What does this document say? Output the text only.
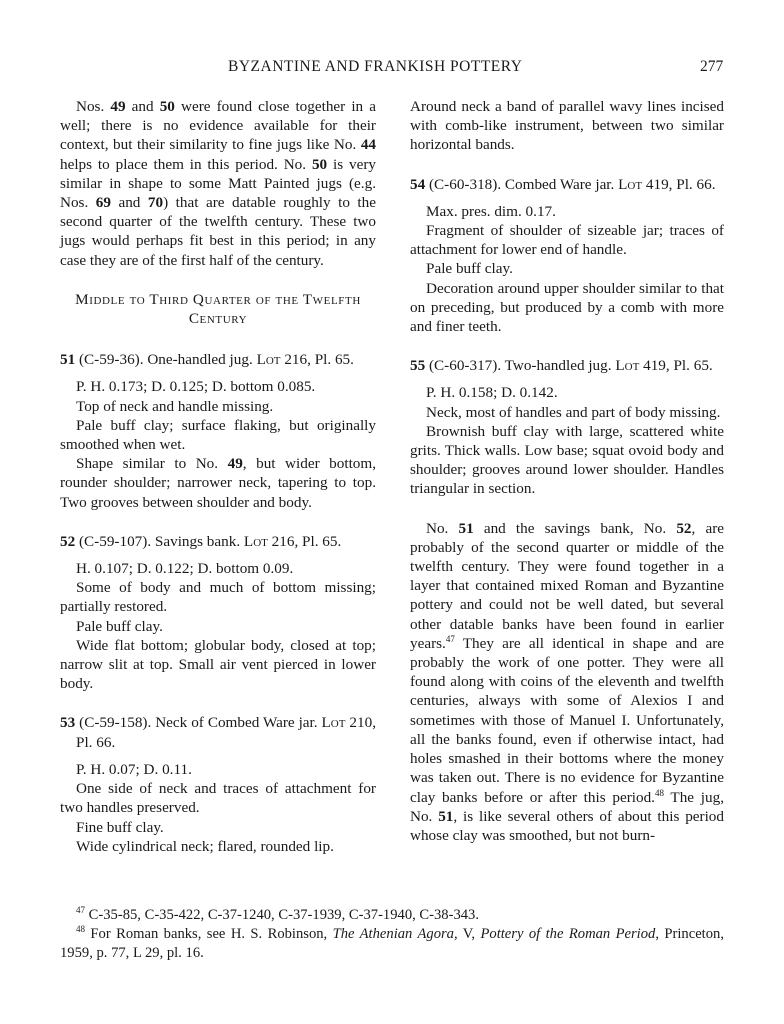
BYZANTINE AND FRANKISH POTTERY	277

Nos. 49 and 50 were found close together in a well; there is no evidence available for their context, but their similarity to fine jugs like No. 44 helps to place them in this period. No. 50 is very similar in shape to some Matt Painted jugs (e.g. Nos. 69 and 70) that are datable roughly to the second quarter of the twelfth century. These two jugs would perhaps fit best in this period; in any case they are of the first half of the century.

Middle to Third Quarter of the Twelfth Century

51 (C-59-36). One-handled jug. Lot 216, Pl. 65.

P. H. 0.173; D. 0.125; D. bottom 0.085.

Top of neck and handle missing.

Pale buff clay; surface flaking, but originally smoothed when wet.

Shape similar to No. 49, but wider bottom, rounder shoulder; narrower neck, tapering to top. Two grooves between shoulder and body.

52 (C-59-107). Savings bank. Lot 216, Pl. 65.

H. 0.107; D. 0.122; D. bottom 0.09.

Some of body and much of bottom missing; partially restored.

Pale buff clay.

Wide flat bottom; globular body, closed at top; narrow slit at top. Small air vent pierced in lower body.

53 (C-59-158). Neck of Combed Ware jar. Lot 210, Pl. 66.

P. H. 0.07; D. 0.11.

One side of neck and traces of attachment for two handles preserved.

Fine buff clay.

Wide cylindrical neck; flared, rounded lip.

Around neck a band of parallel wavy lines incised with comb-like instrument, between two similar horizontal bands.

54 (C-60-318). Combed Ware jar. Lot 419, Pl. 66.

Max. pres. dim. 0.17.

Fragment of shoulder of sizeable jar; traces of attachment for lower end of handle.

Pale buff clay.

Decoration around upper shoulder similar to that on preceding, but produced by a comb with more and finer teeth.

55 (C-60-317). Two-handled jug. Lot 419, Pl. 65.

P. H. 0.158; D. 0.142.

Neck, most of handles and part of body missing.

Brownish buff clay with large, scattered white grits. Thick walls. Low base; squat ovoid body and shoulder; grooves around lower shoulder. Handles triangular in section.

No. 51 and the savings bank, No. 52, are probably of the second quarter or middle of the twelfth century. They were found together in a layer that contained mixed Roman and Byzantine pottery and could not be well dated, but several other datable banks have been found in earlier years.$^{47}$ They are all identical in shape and are probably the work of one potter. They were all found along with coins of the eleventh and twelfth centuries, always with some of Alexios I and sometimes with those of Manuel I. Unfortunately, all the banks found, even if otherwise intact, had holes smashed in their bottoms where the money was taken out. There is no evidence for Byzantine clay banks before or after this period.$^{48}$ The jug, No. 51, is like several others of about this period whose clay was smoothed, but not burn-

$^{47}$ C-35-85, C-35-422, C-37-1240, C-37-1939, C-37-1940, C-38-343.

$^{48}$ For Roman banks, see H. S. Robinson, The Athenian Agora, V, Pottery of the Roman Period, Princeton, 1959, p. 77, L 29, pl. 16.
